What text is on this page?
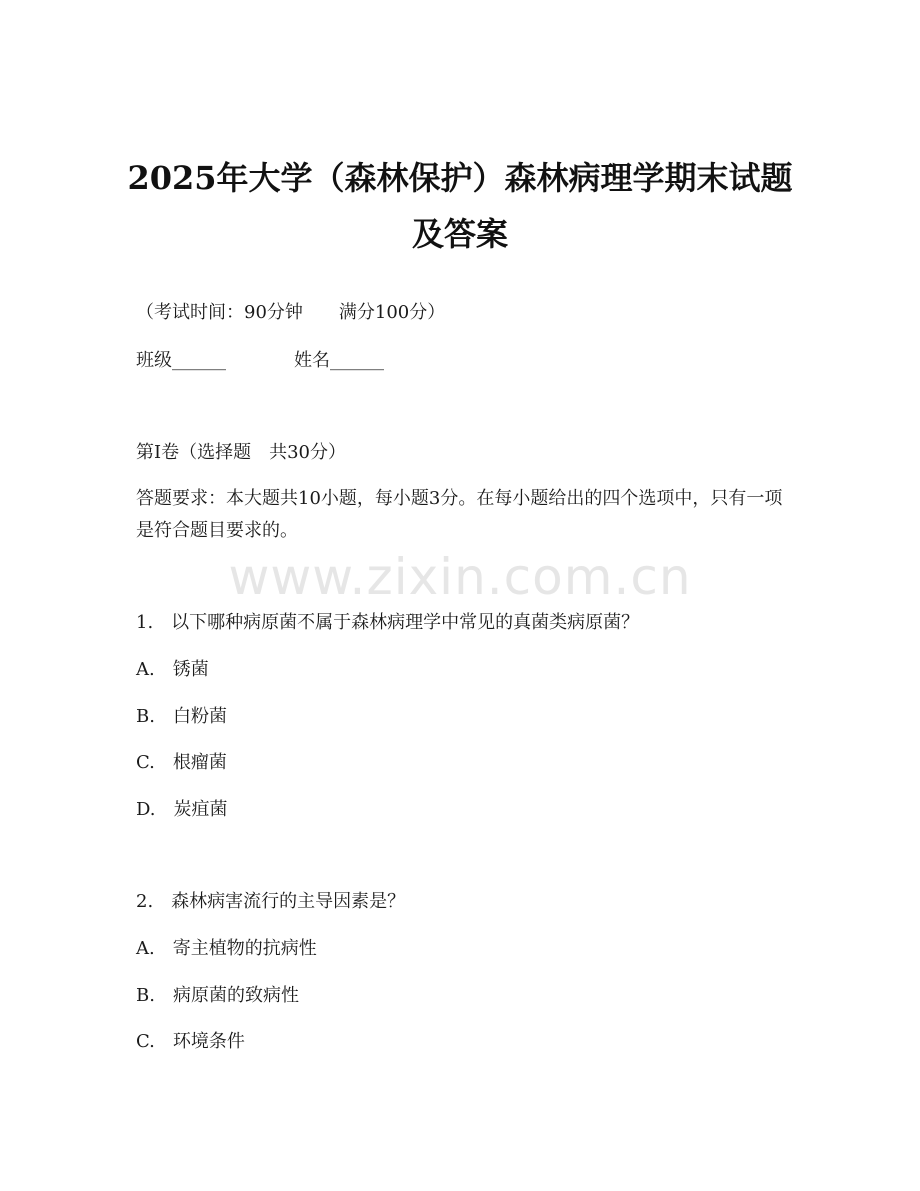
www.zixin.com.cn
2025年大学（森林保护）森林病理学期末试题及答案
（考试时间：90分钟　　满分100分）
班级______	姓名______
第Ⅰ卷（选择题　共30分）
答题要求：本大题共10小题，每小题3分。在每小题给出的四个选项中，只有一项是符合题目要求的。
1.　以下哪种病原菌不属于森林病理学中常见的真菌类病原菌？
A.　锈菌
B.　白粉菌
C.　根瘤菌
D.　炭疽菌
2.　森林病害流行的主导因素是？
A.　寄主植物的抗病性
B.　病原菌的致病性
C.　环境条件
